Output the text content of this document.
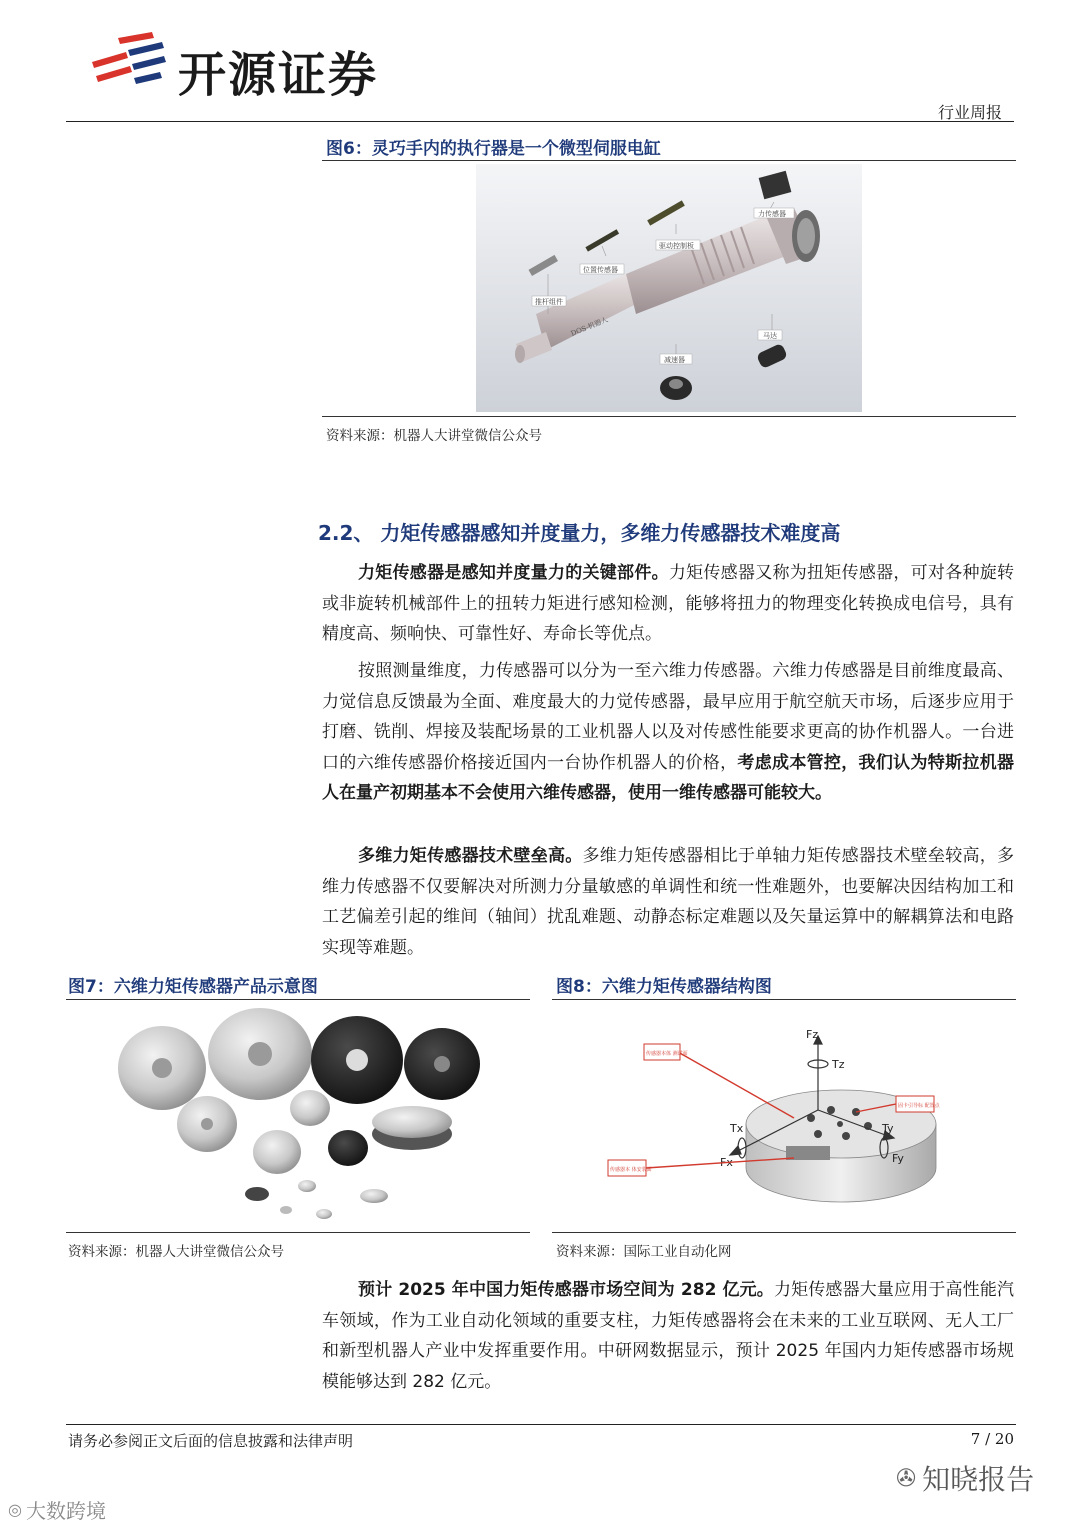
开源证券
行业周报
图6：灵巧手内的执行器是一个微型伺服电缸
DOS·机器人
力传感器
驱动控制板
位置传感器
推杆组件
马达
减速器
资料来源：机器人大讲堂微信公众号
2.2、 力矩传感器感知并度量力，多维力传感器技术难度高
力矩传感器是感知并度量力的关键部件。力矩传感器又称为扭矩传感器，可对各种旋转或非旋转机械部件上的扭转力矩进行感知检测，能够将扭力的物理变化转换成电信号，具有精度高、频响快、可靠性好、寿命长等优点。
按照测量维度，力传感器可以分为一至六维力传感器。六维力传感器是目前维度最高、力觉信息反馈最为全面、难度最大的力觉传感器，最早应用于航空航天市场，后逐步应用于打磨、铣削、焊接及装配场景的工业机器人以及对传感性能要求更高的协作机器人。一台进口的六维传感器价格接近国内一台协作机器人的价格，考虑成本管控，我们认为特斯拉机器人在量产初期基本不会使用六维传感器，使用一维传感器可能较大。
多维力矩传感器技术壁垒高。多维力矩传感器相比于单轴力矩传感器技术壁垒较高，多维力传感器不仅要解决对所测力分量敏感的单调性和统一性难题外，也要解决因结构加工和工艺偏差引起的维间（轴间）扰乱难题、动静态标定难题以及矢量运算中的解耦算法和电路实现等难题。
图7：六维力矩传感器产品示意图
资料来源：机器人大讲堂微信公众号
图8：六维力矩传感器结构图
Fz
Tz
Tx
Fx
Ty
Fy
传感器本体 测试面
固卡引导标 配置点
传感器本 体安装面
资料来源：国际工业自动化网
预计 2025 年中国力矩传感器市场空间为 282 亿元。力矩传感器大量应用于高性能汽车领域，作为工业自动化领域的重要支柱，力矩传感器将会在未来的工业互联网、无人工厂和新型机器人产业中发挥重要作用。中研网数据显示，预计 2025 年国内力矩传感器市场规模能够达到 282 亿元。
请务必参阅正文后面的信息披露和法律声明	7 / 20
✇ 知晓报告
◎ 大数跨境
